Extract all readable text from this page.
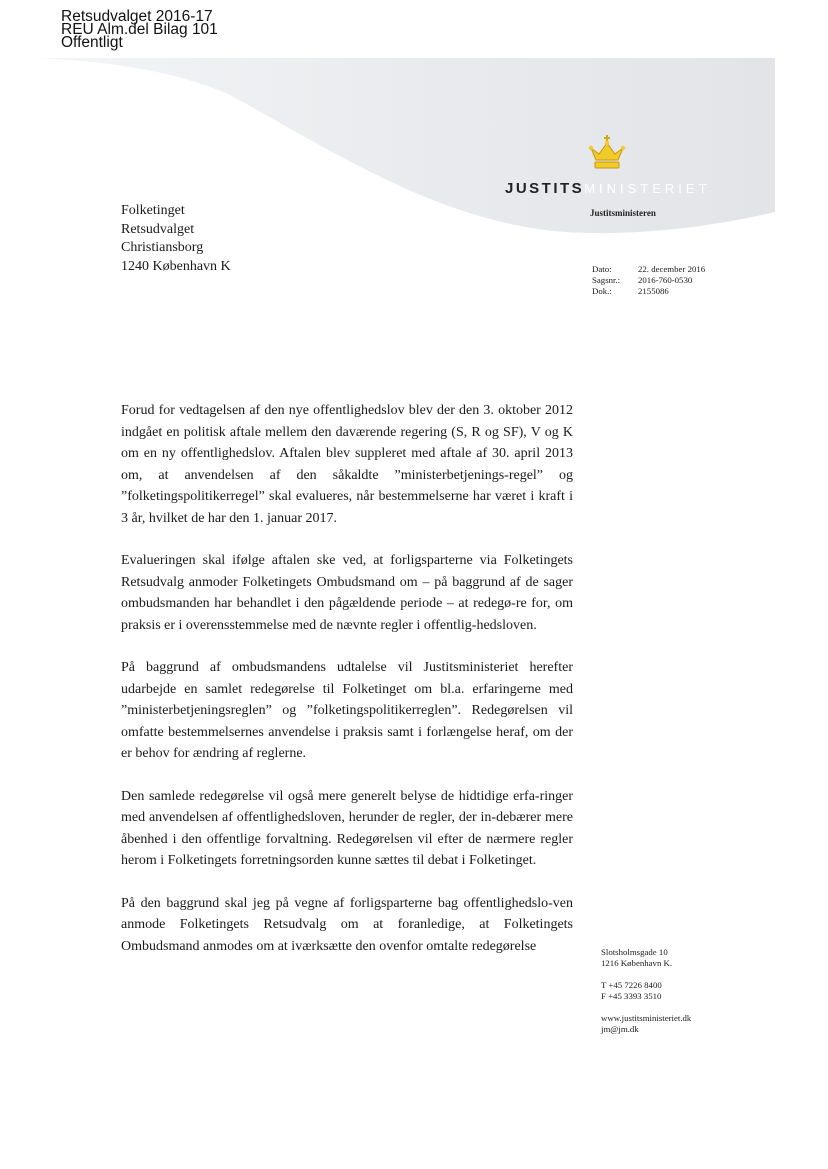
Retsudvalget 2016-17
REU Alm.del Bilag 101
Offentligt
JUSTITSMINISTERIET
Justitsministeren
Folketinget
Retsudvalget
Christiansborg
1240 København K	Dato:	22. december 2016
Sagsnr.:	2016-760-0530
Dok.:	2155086

Forud for vedtagelsen af den nye offentlighedslov blev der den 3. oktober 2012 indgået en politisk aftale mellem den daværende regering (S, R og SF), V og K om en ny offentlighedslov. Aftalen blev suppleret med aftale af 30. april 2013 om, at anvendelsen af den såkaldte ”ministerbetjenings-regel” og ”folketingspolitikerregel” skal evalueres, når bestemmelserne har været i kraft i 3 år, hvilket de har den 1. januar 2017.

Evalueringen skal ifølge aftalen ske ved, at forligsparterne via Folketingets Retsudvalg anmoder Folketingets Ombudsmand om – på baggrund af de sager ombudsmanden har behandlet i den pågældende periode – at redegø-re for, om praksis er i overensstemmelse med de nævnte regler i offentlig-hedsloven.

På baggrund af ombudsmandens udtalelse vil Justitsministeriet herefter udarbejde en samlet redegørelse til Folketinget om bl.a. erfaringerne med ”ministerbetjeningsreglen” og ”folketingspolitikerreglen”. Redegørelsen vil omfatte bestemmelsernes anvendelse i praksis samt i forlængelse heraf, om der er behov for ændring af reglerne.

Den samlede redegørelse vil også mere generelt belyse de hidtidige erfa-ringer med anvendelsen af offentlighedsloven, herunder de regler, der in-debærer mere åbenhed i den offentlige forvaltning. Redegørelsen vil efter de nærmere regler herom i Folketingets forretningsorden kunne sættes til debat i Folketinget.

På den baggrund skal jeg på vegne af forligsparterne bag offentlighedslo-ven anmode Folketingets Retsudvalg om at foranledige, at Folketingets Ombudsmand anmodes om at iværksætte den ovenfor omtalte redegørelse	Slotsholmsgade 10
1216 København K.
T +45 7226 8400
F +45 3393 3510
www.justitsministeriet.dk
jm@jm.dk
